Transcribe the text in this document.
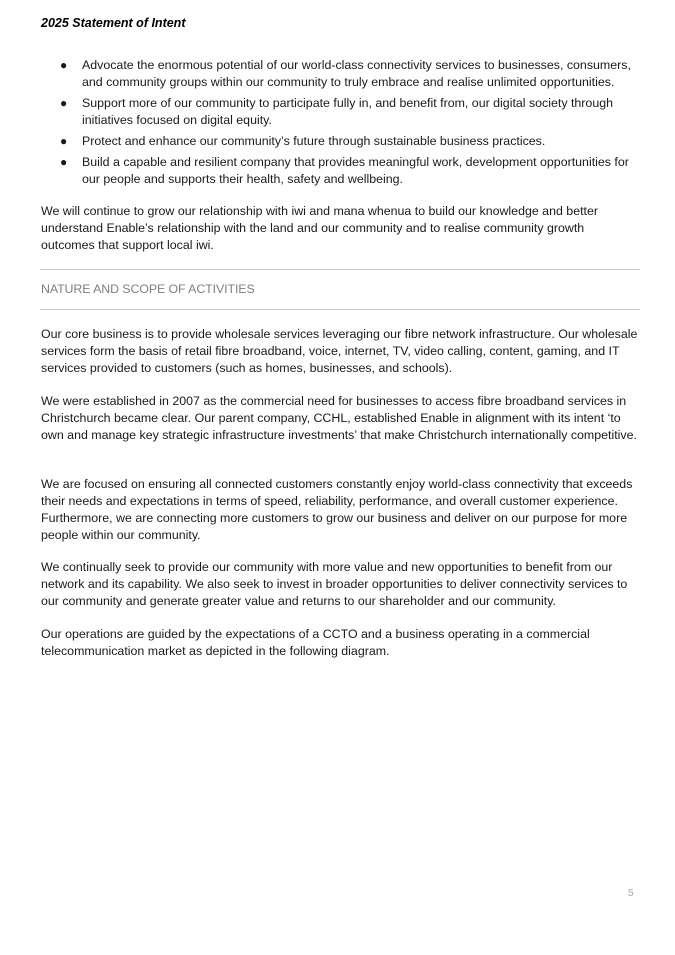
2025 Statement of Intent
● Advocate the enormous potential of our world-class connectivity services to businesses, consumers, and community groups within our community to truly embrace and realise unlimited opportunities.
● Support more of our community to participate fully in, and benefit from, our digital society through initiatives focused on digital equity.
● Protect and enhance our community’s future through sustainable business practices.
● Build a capable and resilient company that provides meaningful work, development opportunities for our people and supports their health, safety and wellbeing.

We will continue to grow our relationship with iwi and mana whenua to build our knowledge and better understand Enable’s relationship with the land and our community and to realise community growth outcomes that support local iwi.

NATURE AND SCOPE OF ACTIVITIES

Our core business is to provide wholesale services leveraging our fibre network infrastructure. Our wholesale services form the basis of retail fibre broadband, voice, internet, TV, video calling, content, gaming, and IT services provided to customers (such as homes, businesses, and schools).

We were established in 2007 as the commercial need for businesses to access fibre broadband services in Christchurch became clear. Our parent company, CCHL, established Enable in alignment with its intent ‘to own and manage key strategic infrastructure investments’ that make Christchurch internationally competitive.

We are focused on ensuring all connected customers constantly enjoy world-class connectivity that exceeds their needs and expectations in terms of speed, reliability, performance, and overall customer experience. Furthermore, we are connecting more customers to grow our business and deliver on our purpose for more people within our community.

We continually seek to provide our community with more value and new opportunities to benefit from our network and its capability. We also seek to invest in broader opportunities to deliver connectivity services to our community and generate greater value and returns to our shareholder and our community.

Our operations are guided by the expectations of a CCTO and a business operating in a commercial telecommunication market as depicted in the following diagram.

5
